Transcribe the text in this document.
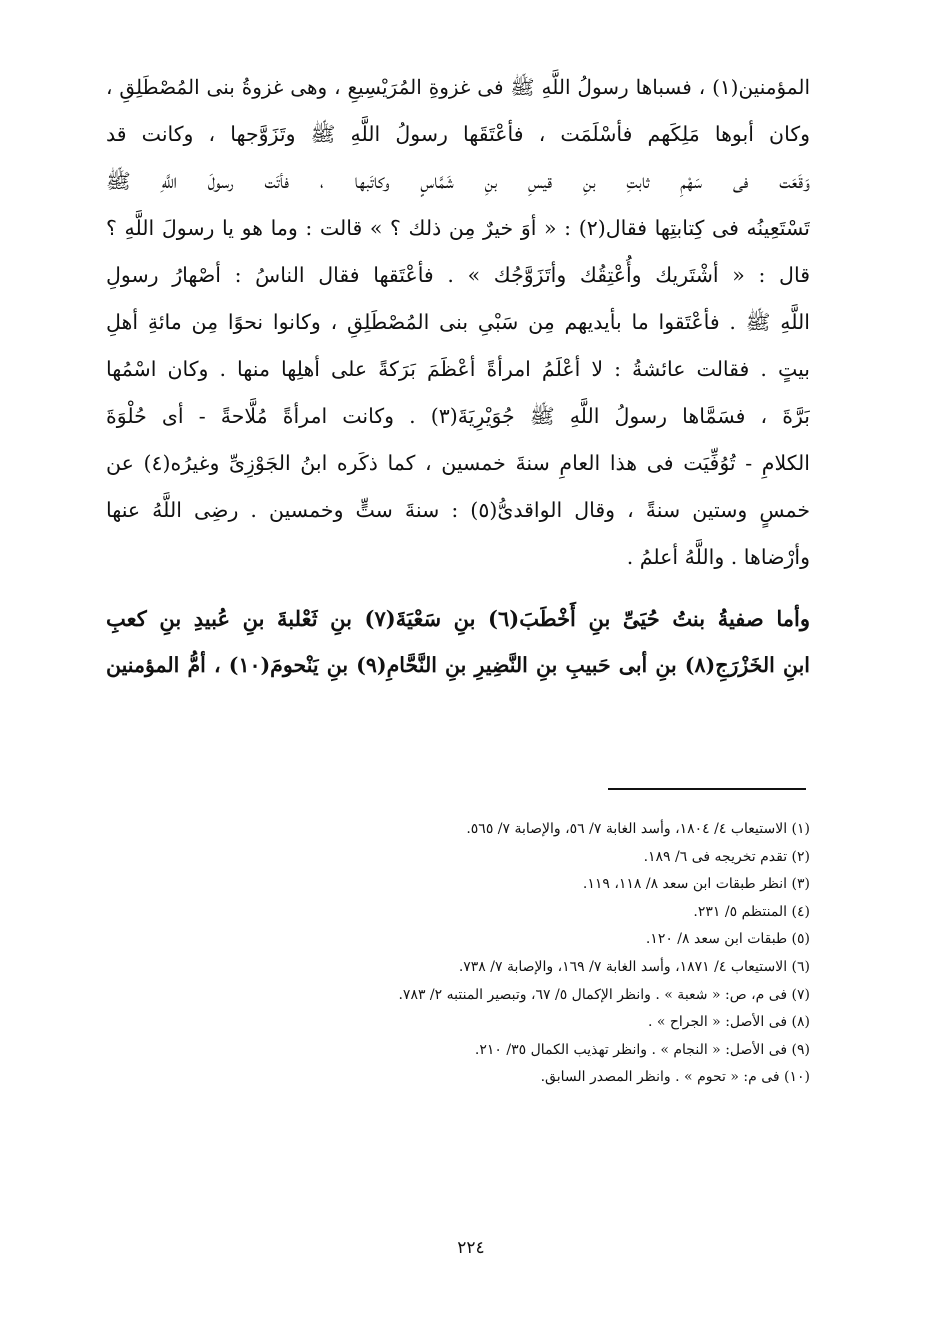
المؤمنين(١) ، فسباها رسولُ اللَّهِ ﷺ فى غزوةِ المُرَيْسِيعِ ، وهى غزوةُ بنى المُصْطَلِقِ ،
وكان أبوها مَلِكَهم فأسْلَمَت ، فأعْتَقَها رسولُ اللَّهِ ﷺ وتَزَوَّجها ، وكانت قد
وَقَعَت فى سَهْمِ ثابتِ بنِ قيسِ بنِ شَمَّاسٍ وكاتَبها ، فأتَت رسولَ اللَّهِ ﷺ
تَسْتَعِينُه فى كِتابتِها فقال(٢) : « أوَ خيرٌ مِن ذلك ؟ » قالت : وما هو يا رسولَ اللَّهِ ؟
قال : « أشْتَريك وأُعْتِقُك وأتَزَوَّجُك » . فأعْتَقها فقال الناسُ : أصْهارُ رسولِ
اللَّهِ ﷺ . فأعْتَقوا ما بأيديهم مِن سَبْىِ بنى المُصْطَلِقِ ، وكانوا نحوًا مِن مائةِ أهلِ
بيتٍ . فقالت عائشةُ : لا أعْلَمُ امرأةً أعْظَمَ بَرَكةً على أهلِها منها . وكان اسْمُها
بَرَّةَ ، فسَمَّاها رسولُ اللَّهِ ﷺ جُوَيْرِيَةَ(٣) . وكانت امرأةً مُلَّاحةً - أى حُلْوَةَ
الكلامِ - تُوُفِّيَت فى هذا العامِ سنةَ خمسين ، كما ذكَره ابنُ الجَوْزِىِّ وغيرُه(٤) عن
خمسٍ وستين سنةً ، وقال الواقدىُّ(٥) : سنةَ ستٍّ وخمسين . رضِى اللَّهُ عنها
وأرْضاها . واللَّهُ أعلمُ .
وأما صفيةُ بنتُ حُيَىِّ بنِ أَخْطَبَ(٦) بنِ سَعْيَةَ(٧) بنِ ثَعْلبةَ بنِ عُبيدِ بنِ كعبِ
ابنِ الخَزْرَجِ(٨) بنِ أبى حَبيبِ بنِ النَّضِيرِ بنِ النَّحَّامِ(٩) بنِ يَنْحومَ(١٠) ، أمُّ المؤمنين
(١) الاستيعاب ٤/ ١٨٠٤، وأسد الغابة ٧/ ٥٦، والإصابة ٧/ ٥٦٥.
(٢) تقدم تخريجه فى ٦/ ١٨٩.
(٣) انظر طبقات ابن سعد ٨/ ١١٨، ١١٩.
(٤) المنتظم ٥/ ٢٣١.
(٥) طبقات ابن سعد ٨/ ١٢٠.
(٦) الاستيعاب ٤/ ١٨٧١، وأسد الغابة ٧/ ١٦٩، والإصابة ٧/ ٧٣٨.
(٧) فى م، ص: « شعبة » . وانظر الإكمال ٥/ ٦٧، وتبصير المنتبه ٢/ ٧٨٣.
(٨) فى الأصل: « الجراح » .
(٩) فى الأصل: « النجام » . وانظر تهذيب الكمال ٣٥/ ٢١٠.
(١٠) فى م: « تحوم » . وانظر المصدر السابق.
٢٢٤
